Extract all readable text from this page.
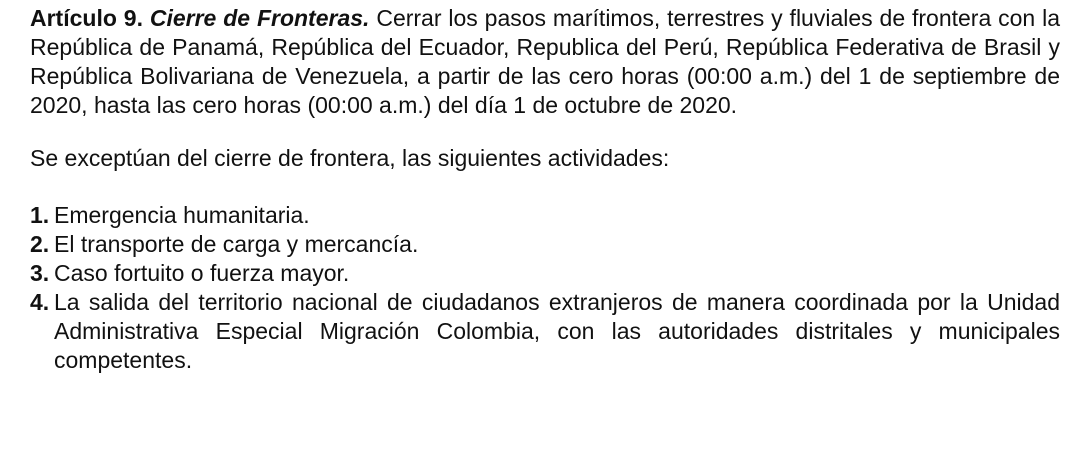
Artículo 9. Cierre de Fronteras. Cerrar los pasos marítimos, terrestres y fluviales de frontera con la República de Panamá, República del Ecuador, Republica del Perú, República Federativa de Brasil y República Bolivariana de Venezuela, a partir de las cero horas (00:00 a.m.) del 1 de septiembre de 2020, hasta las cero horas (00:00 a.m.) del día 1 de octubre de 2020.

Se exceptúan del cierre de frontera, las siguientes actividades:

1. Emergencia humanitaria.
2. El transporte de carga y mercancía.
3. Caso fortuito o fuerza mayor.
4. La salida del territorio nacional de ciudadanos extranjeros de manera coordinada por la Unidad Administrativa Especial Migración Colombia, con las autoridades distritales y municipales competentes.
